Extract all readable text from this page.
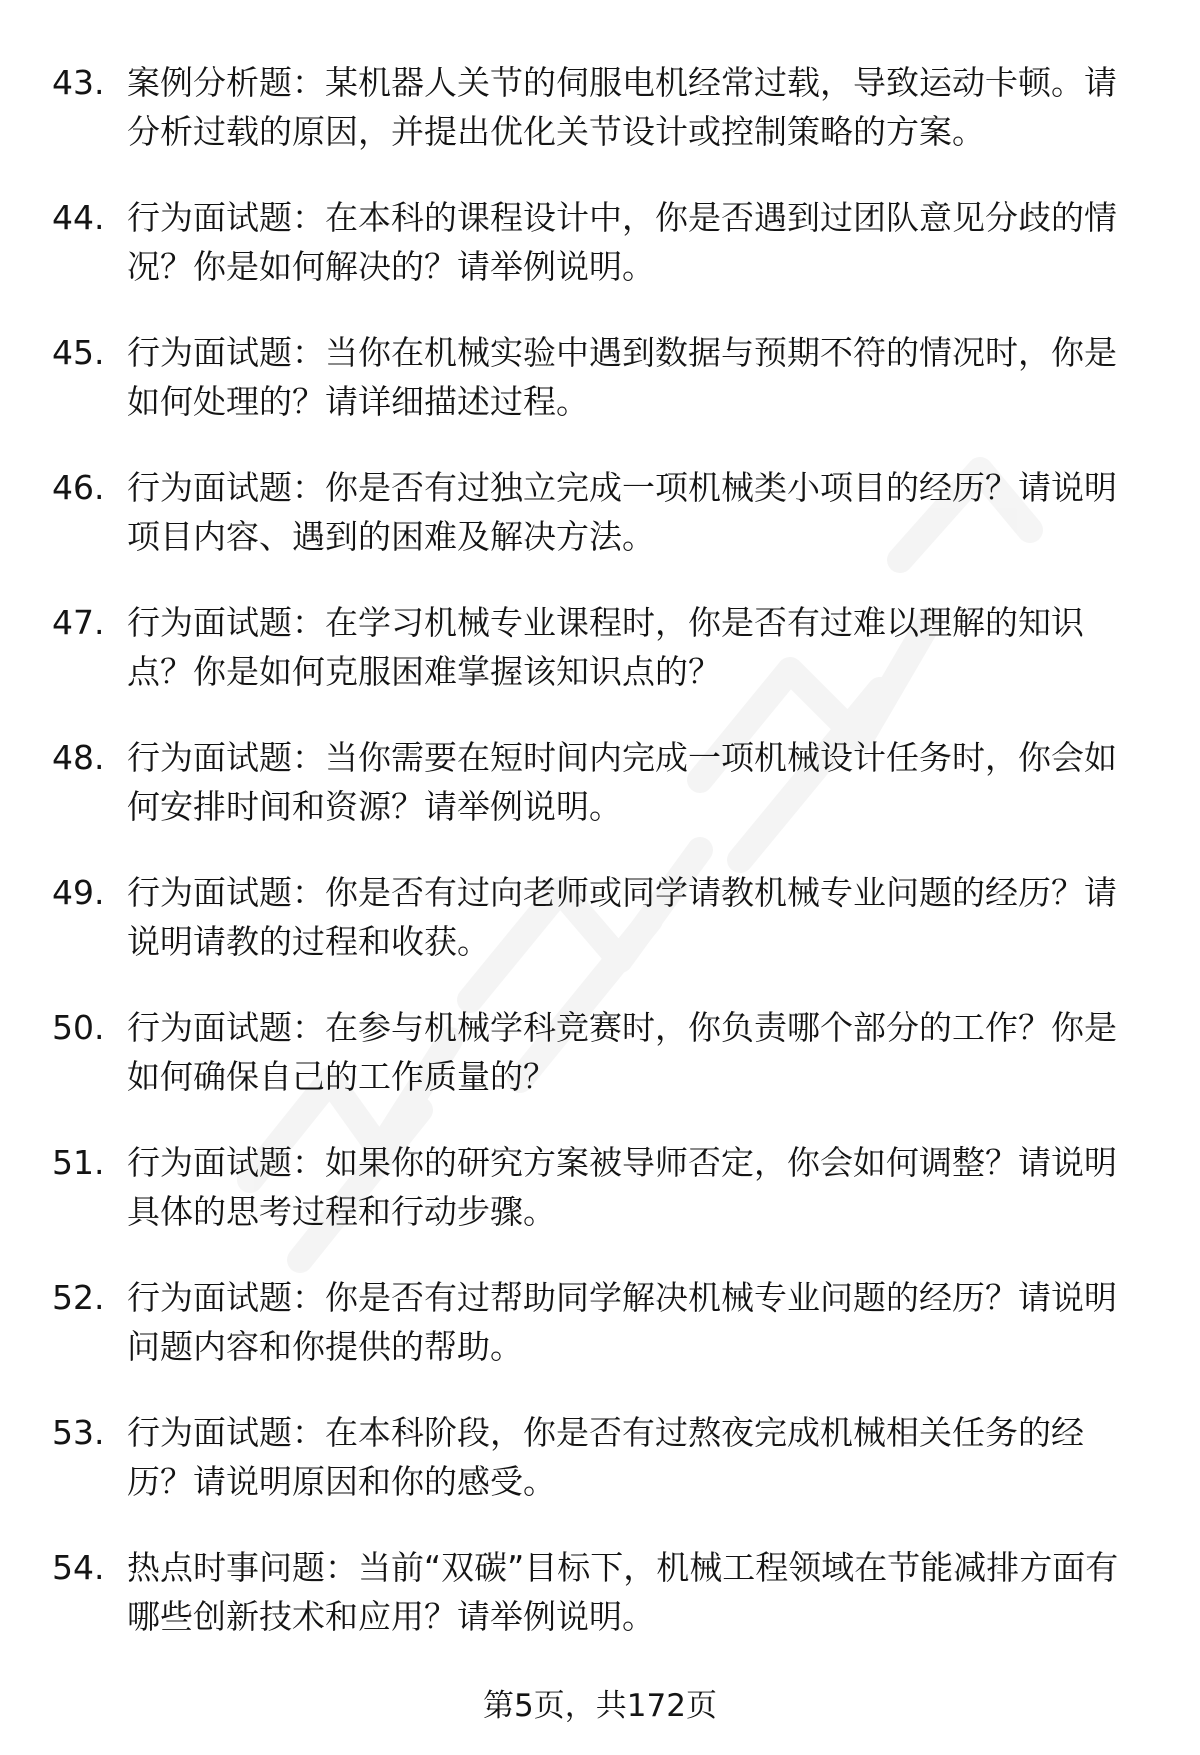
43. 案例分析题：某机器人关节的伺服电机经常过载，导致运动卡顿。请分析过载的原因，并提出优化关节设计或控制策略的方案。
44. 行为面试题：在本科的课程设计中，你是否遇到过团队意见分歧的情况？你是如何解决的？请举例说明。
45. 行为面试题：当你在机械实验中遇到数据与预期不符的情况时，你是如何处理的？请详细描述过程。
46. 行为面试题：你是否有过独立完成一项机械类小项目的经历？请说明项目内容、遇到的困难及解决方法。
47. 行为面试题：在学习机械专业课程时，你是否有过难以理解的知识点？你是如何克服困难掌握该知识点的？
48. 行为面试题：当你需要在短时间内完成一项机械设计任务时，你会如何安排时间和资源？请举例说明。
49. 行为面试题：你是否有过向老师或同学请教机械专业问题的经历？请说明请教的过程和收获。
50. 行为面试题：在参与机械学科竞赛时，你负责哪个部分的工作？你是如何确保自己的工作质量的？
51. 行为面试题：如果你的研究方案被导师否定，你会如何调整？请说明具体的思考过程和行动步骤。
52. 行为面试题：你是否有过帮助同学解决机械专业问题的经历？请说明问题内容和你提供的帮助。
53. 行为面试题：在本科阶段，你是否有过熬夜完成机械相关任务的经历？请说明原因和你的感受。
54. 热点时事问题：当前“双碳”目标下，机械工程领域在节能减排方面有哪些创新技术和应用？请举例说明。
第5页，共172页
